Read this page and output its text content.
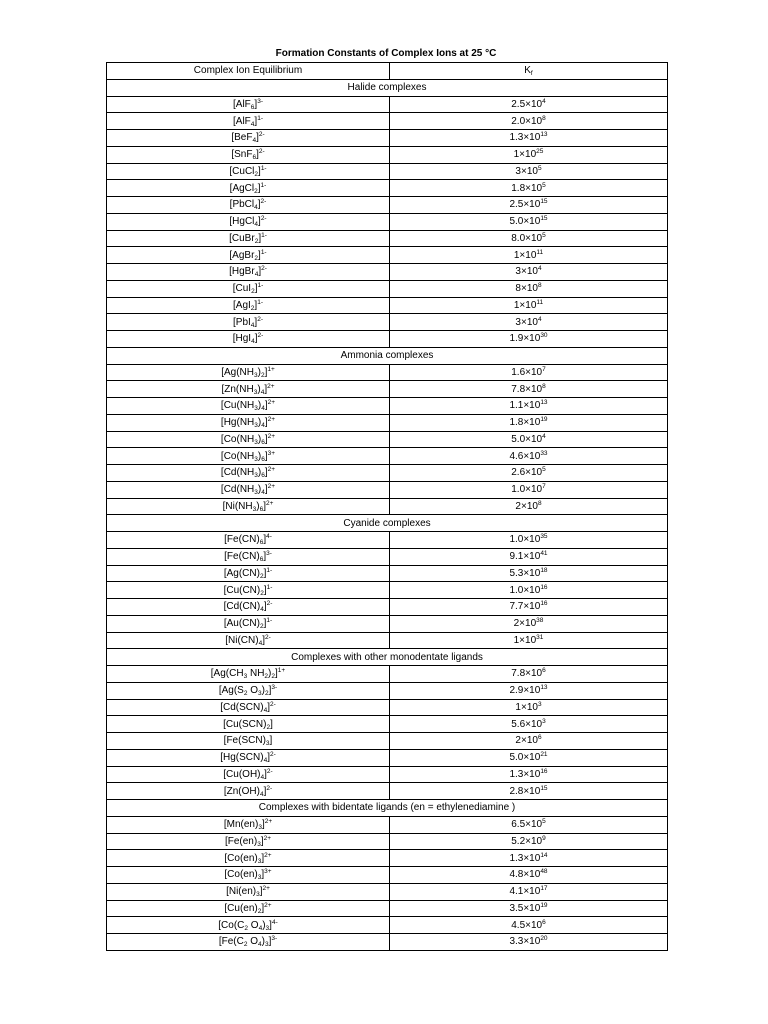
Formation Constants of Complex Ions at 25 °C
Complex Ion Equilibrium	$K_f$
Halide complexes	
$[AlF_6]^{3-}$	$2.5\times 10^4$
$[AlF_4]^{1-}$	$2.0\times 10^8$
$[BeF_4]^{2-}$	$1.3\times 10^{13}$
$[SnF_6]^{2-}$	$1\times 10^{25}$
[CuCl$_2$]$^{1-}$	$3\times 10^5$
[AgCl$_2$]$^{1-}$	$1.8\times 10^5$
[PbCl$_4$]$^{2-}$	$2.5\times 10^{15}$
[HgCl$_4$]$^{2-}$	$5.0\times 10^{15}$
[CuBr$_2$]$^{1-}$	$8.0\times 10^5$
[AgBr$_2$]$^{1-}$	$1\times 10^{11}$
[HgBr$_4$]$^{2-}$	$3\times 10^4$
$[CuI_2]^{1-}$	$8\times 10^8$
$[AgI_2]^{1-}$	$1\times 10^{11}$
$[PbI_4]^{2-}$	$3\times 10^4$
$[HgI_4]^{2-}$	$1.9\times 10^{30}$
Ammonia complexes	
$[Ag(NH_3)_2]^{1+}$	$1.6\times 10^7$
$[Zn(NH_3)_4]^{2+}$	$7.8\times 10^8$
$[Cu(NH_3)_4]^{2+}$	$1.1\times 10^{13}$
$[Hg(NH_3)_4]^{2+}$	$1.8\times 10^{19}$
$[Co(NH_3)_6]^{2+}$	$5.0\times 10^4$
$[Co(NH_3)_6]^{3+}$	$4.6\times 10^{33}$
$[Cd(NH_3)_6]^{2+}$	$2.6\times 10^5$
$[Cd(NH_3)_4]^{2+}$	$1.0\times 10^7$
$[Ni(NH_3)_6]^{2+}$	$2\times 10^8$
Cyanide complexes	
$[Fe(CN)_6]^{4-}$	$1.0\times 10^{35}$
$[Fe(CN)_6]^{3-}$	$9.1\times 10^{41}$
$[Ag(CN)_2]^{1-}$	$5.3\times 10^{18}$
$[Cu(CN)_2]^{1-}$	$1.0\times 10^{16}$
$[Cd(CN)_4]^{2-}$	$7.7\times 10^{16}$
$[Au(CN)_2]^{1-}$	$2\times 10^{38}$
$[Ni(CN)_4]^{2-}$	$1\times 10^{31}$
Complexes with other monodentate ligands	
[$Ag(CH_3$ $NH_2)_2]^{1+}$	$7.8\times 10^6$
[$Ag(S_2$ $O_3)_2]^{3-}$	$2.9\times 10^{13}$
$[Cd(SCN)_4]^{2-}$	$1\times 10^3$
$[Cu(SCN)_2]$	$5.6\times 10^3$
$[Fe(SCN)_3]$	$2\times 10^6$
$[Hg(SCN)_4]^{2-}$	$5.0\times 10^{21}$
$[Cu(OH)_4]^{2-}$	$1.3\times 10^{16}$
$[Zn(OH)_4]^{2-}$	$2.8\times 10^{15}$
Complexes with bidentate ligands (en = ethylenediamine )	
$[Mn(en)_3]^{2+}$	$6.5\times 10^5$
$[Fe(en)_3]^{2+}$	$5.2\times 10^9$
$[Co(en)_3]^{2+}$	$1.3\times 10^{14}$
$[Co(en)_3]^{3+}$	$4.8\times 10^{48}$
$[Ni(en)_3]^{2+}$	$4.1\times 10^{17}$
$[Cu(en)_2]^{2+}$	$3.5\times 10^{19}$
[$Co(C_2$ $O_4)_3]^{4-}$	$4.5\times 10^6$
[$Fe(C_2$ $O_4)_3]^{3-}$	$3.3\times 10^{20}$
